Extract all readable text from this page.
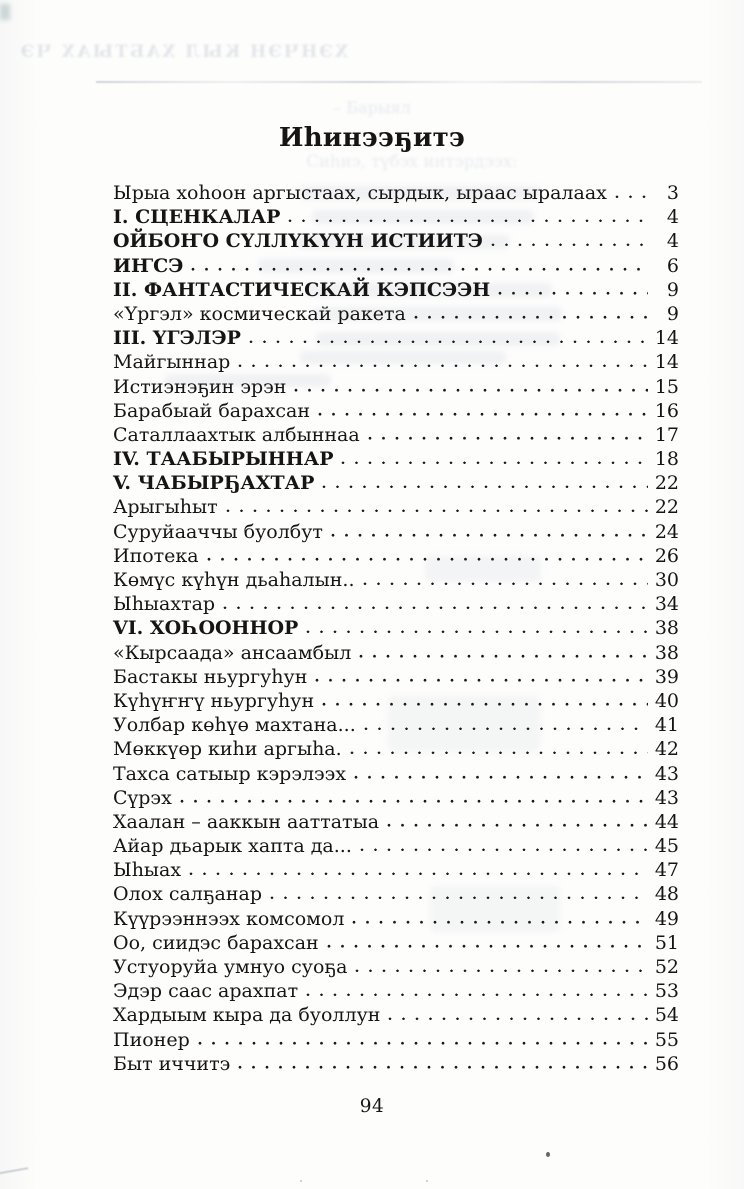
ХЭНЧЭН КЫЛ ХАБТЫАХ ЧЭ
– Барыял
Сиһиэ, түбэх интэрдээх:
Иһинээҕитэ
Ырыа хоһоон аргыстаах, сырдык, ыраас ыралаах	3
I. СЦЕНКАЛАР	4
ОЙБОҤО СҮЛЛҮКҮҮН ИСТИИТЭ	4
ИҤСЭ	6
II. ФАНТАСТИЧЕСКАЙ КЭПСЭЭН	9
«Үргэл» космическай ракета	9
III. ҮГЭЛЭР	14
Майгыннар	14
Истиэнэҕин эрэн	15
Барабыай барахсан	16
Саталлаахтык албыннаа	17
IV. ТААБЫРЫННАР	18
V. ЧАБЫРҔАХТАР	22
Арыгыһыт	22
Суруйааччы буолбут	24
Ипотека	26
Көмүс күһүн дьаһалын..	30
Ыһыахтар	34
VI. ХОҺООННОР	38
«Кырсаада» ансаамбыл	38
Бастакы ньургуһун	39
Күһүҥҥү ньургуһун	40
Уолбар көһүө махтана...	41
Мөккүөр киһи аргыһа.	42
Тахса сатыыр кэрэлээх	43
Сүрэх	43
Хаалан – ааккын ааттатыа	44
Айар дьарык хапта да...	45
Ыһыах	47
Олох салҕанар	48
Күүрээннээх комсомол	49
Оо, сиидэс барахсан	51
Устуоруйа умнуо суоҕа	52
Эдэр саас арахпат	53
Хардыым кыра да буоллун	54
Пионер	55
Быт иччитэ	56
94
